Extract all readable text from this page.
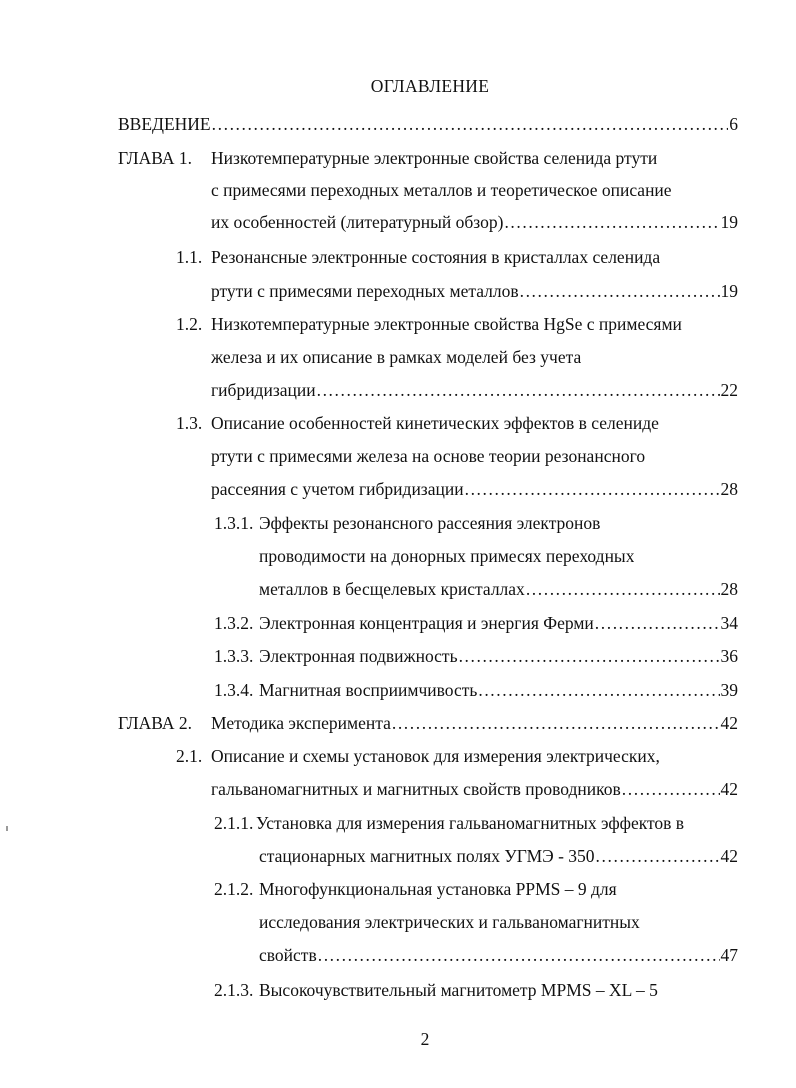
ОГЛАВЛЕНИЕ
ВВЕДЕНИЕ .....	6
ГЛАВА 1. Низкотемпературные электронные свойства селенида ртути
с примесями переходных металлов и теоретическое описание
их особенностей (литературный обзор) .....	19
1.1. Резонансные электронные состояния в кристаллах селенида
ртути с примесями переходных металлов .....	19
1.2. Низкотемпературные электронные свойства HgSe с примесями
железа и их описание в рамках моделей без учета
гибридизации .....	22
1.3. Описание особенностей кинетических эффектов в селениде
ртути с примесями железа на основе теории резонансного
рассеяния с учетом гибридизации .....	28
1.3.1. Эффекты резонансного рассеяния электронов
проводимости на донорных примесях переходных
металлов в бесщелевых кристаллах .....	28
1.3.2. Электронная концентрация и энергия Ферми .....	34
1.3.3. Электронная подвижность .....	36
1.3.4. Магнитная восприимчивость .....	39
ГЛАВА 2. Методика эксперимента .....	42
2.1. Описание и схемы установок для измерения электрических,
гальваномагнитных и магнитных свойств проводников .....	42
2.1.1. Установка для измерения гальваномагнитных эффектов в
стационарных магнитных полях УГМЭ - 350 .....	42
2.1.2. Многофункциональная установка PPMS – 9 для
исследования электрических и гальваномагнитных
свойств .....	47
2.1.3. Высокочувствительный магнитометр MPMS – XL – 5
2
